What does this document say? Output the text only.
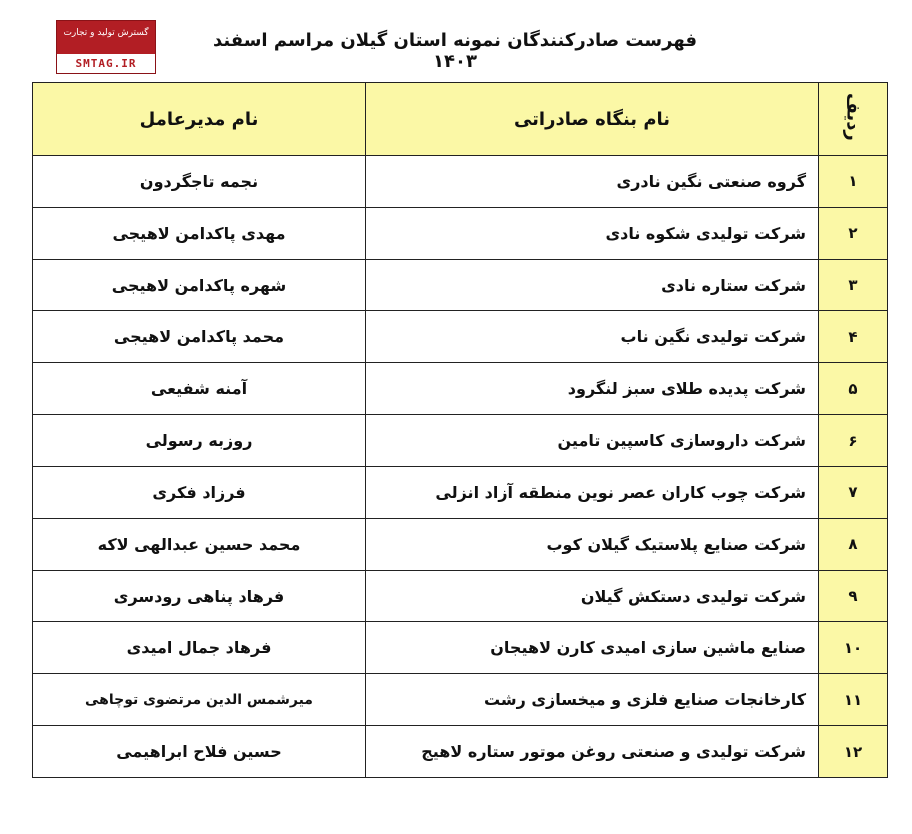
گسترش تولید و تجارت
SMTAG.IR
فهرست صادرکنندگان نمونه استان گیلان مراسم اسفند ۱۴۰۳
ردیف	نام بنگاه صادراتی	نام مدیرعامل
۱	گروه صنعتی نگین نادری	نجمه تاجگردون
۲	شرکت تولیدی شکوه نادی	مهدی پاکدامن لاهیجی
۳	شرکت ستاره نادی	شهره پاکدامن لاهیجی
۴	شرکت تولیدی نگین ناب	محمد پاکدامن لاهیجی
۵	شرکت پدیده طلای سبز لنگرود	آمنه شفیعی
۶	شرکت داروسازی کاسپین تامین	روزبه رسولی
۷	شرکت چوب کاران عصر نوین منطقه آزاد انزلی	فرزاد فکری
۸	شرکت صنایع پلاستیک گیلان کوب	محمد حسین عبدالهی لاکه
۹	شرکت تولیدی دستکش گیلان	فرهاد پناهی رودسری
۱۰	صنایع ماشین سازی امیدی کارن لاهیجان	فرهاد جمال امیدی
۱۱	کارخانجات صنایع فلزی و میخسازی رشت	میرشمس الدین مرتضوی توچاهی
۱۲	شرکت تولیدی و صنعتی روغن موتور ستاره لاهیج	حسین فلاح ابراهیمی
